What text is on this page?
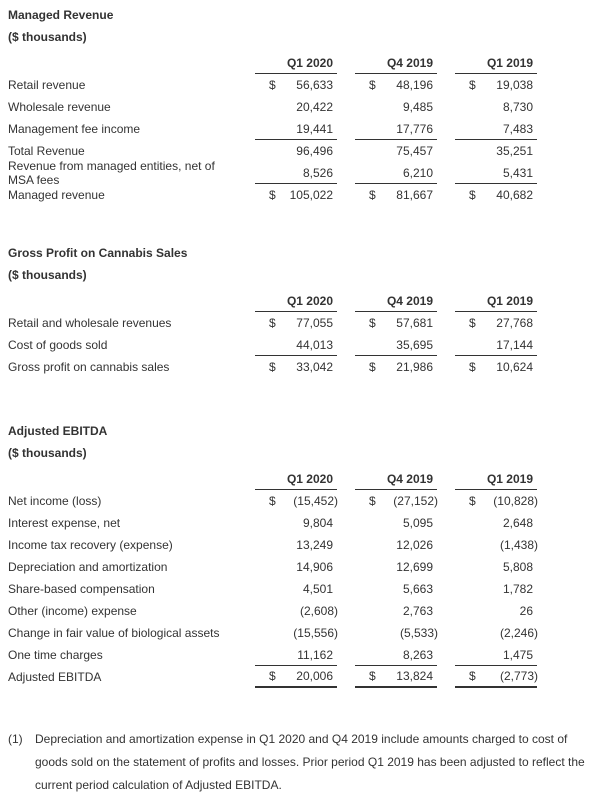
Managed Revenue
($ thousands)
Q1 2020	Q4 2019	Q1 2019
Retail revenue	$ 56,633	$ 48,196	$ 19,038
Wholesale revenue	20,422	9,485	8,730
Management fee income	19,441	17,776	7,483
Total Revenue	96,496	75,457	35,251
Revenue from managed entities, net of MSA fees
8,526	6,210	5,431
Managed revenue	$ 105,022	$ 81,667	$ 40,682
Gross Profit on Cannabis Sales
($ thousands)
Q1 2020	Q4 2019	Q1 2019
Retail and wholesale revenues	$ 77,055	$ 57,681	$ 27,768
Cost of goods sold	44,013	35,695	17,144
Gross profit on cannabis sales	$ 33,042	$ 21,986	$ 10,624
Adjusted EBITDA
($ thousands)
Q1 2020	Q4 2019	Q1 2019
Net income (loss)	$ (15,452)	$ (27,152)	$ (10,828)
Interest expense, net	9,804	5,095	2,648
Income tax recovery (expense)	13,249	12,026	(1,438)
Depreciation and amortization	14,906	12,699	5,808
Share-based compensation	4,501	5,663	1,782
Other (income) expense	(2,608)	2,763	26
Change in fair value of biological assets	(15,556)	(5,533)	(2,246)
One time charges	11,162	8,263	1,475
Adjusted EBITDA	$ 20,006	$ 13,824	$ (2,773)
(1)	Depreciation and amortization expense in Q1 2020 and Q4 2019 include amounts charged to cost of goods sold on the statement of profits and losses. Prior period Q1 2019 has been adjusted to reflect the current period calculation of Adjusted EBITDA.
